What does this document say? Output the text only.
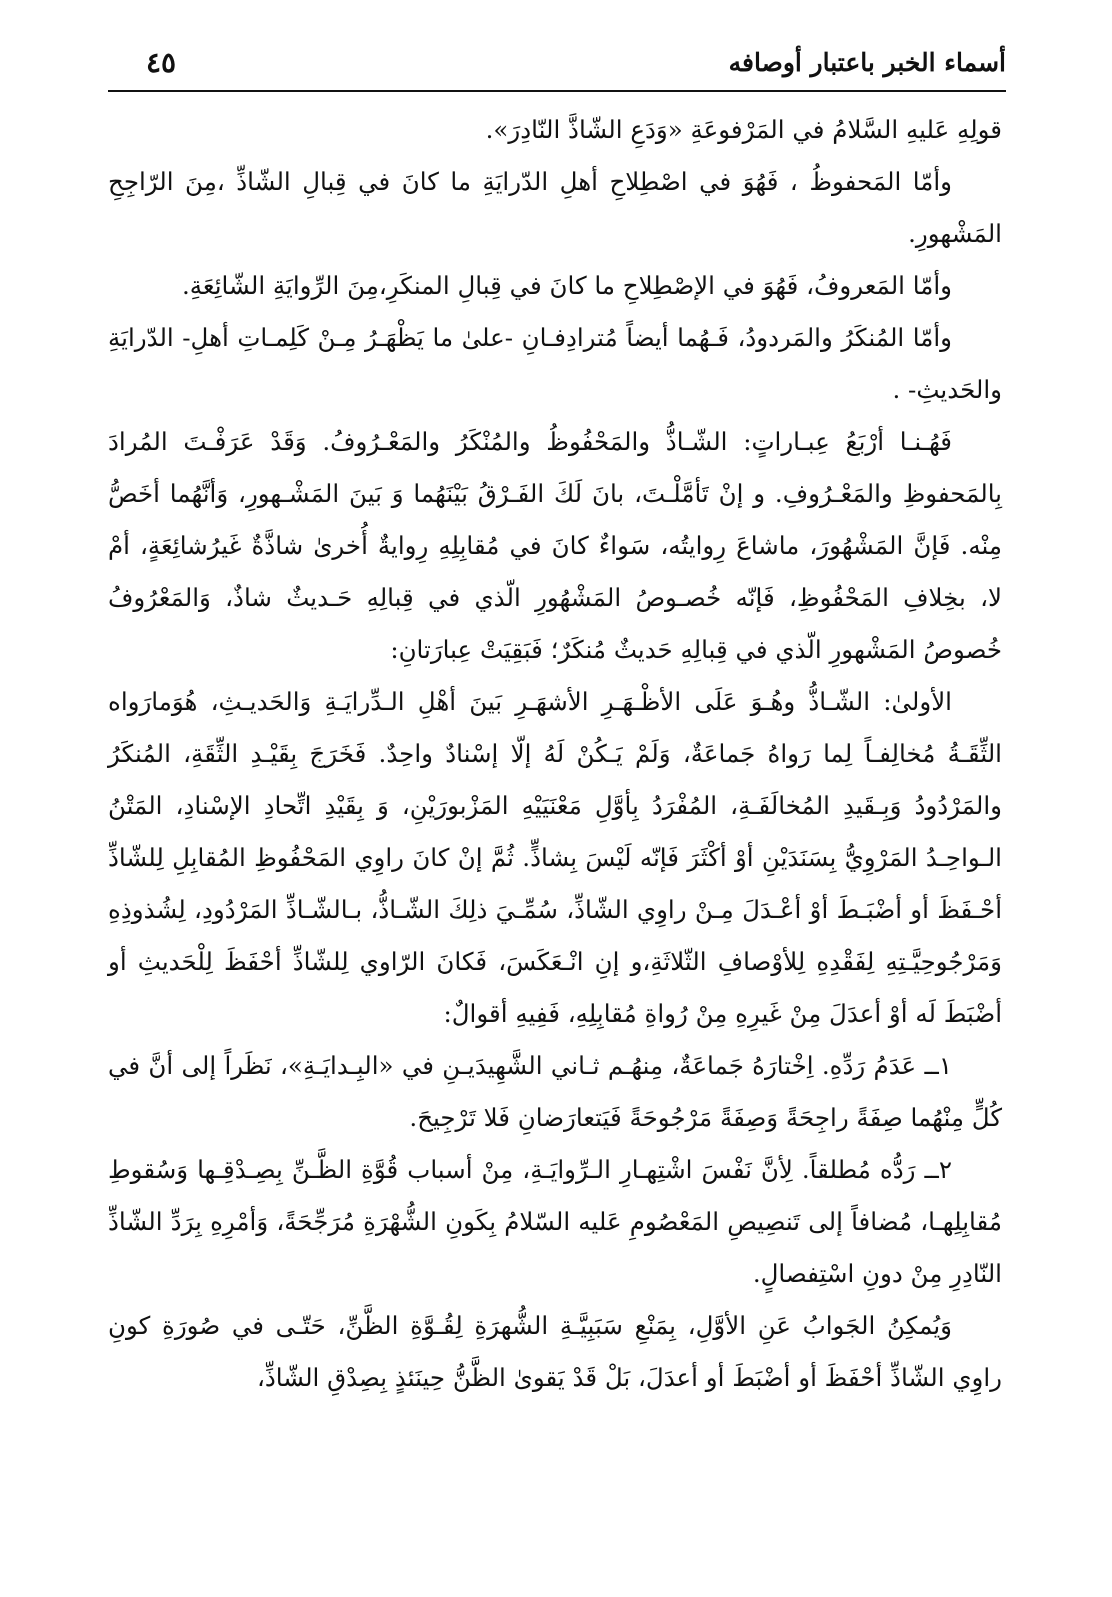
أسماء الخبر باعتبار أوصافه
٤٥

قولِهِ عَليهِ السَّلامُ في المَرْفوعَةِ «وَدَعِ الشّاذَّ النّادِرَ».

وأمّا المَحفوظُ ، فَهُوَ في اصْطِلاحِ أهلِ الدّرايَةِ ما كانَ في قِبالِ الشّاذِّ ،مِنَ الرّاجِحِ المَشْهورِ.

وأمّا المَعروفُ، فَهُوَ في الإصْطِلاحِ ما كانَ في قِبالِ المنكَرِ،مِنَ الرِّوايَةِ الشّائِعَةِ.

وأمّا المُنكَرُ والمَردودُ، فَـهُما أيضاً مُترادِفـانِ -علىٰ ما يَظْهَـرُ مِـنْ كَلِمـاتِ أهلِ- الدّرايَةِ والحَديثِ- .

فَهُـنـا أرْبَعُ عِبـاراتٍ: الشّـاذُّ والمَحْفُوظُ والمُنْكَرُ والمَعْـرُوفُ. وَقَدْ عَرَفْـتَ المُرادَ بِالمَحفوظِ والمَعْـرُوفِ. و إنْ تَأمَّلْـتَ، بانَ لَكَ الفَـرْقُ بَيْنَهُما وَ بَينَ المَشْـهورِ، وَأنَّهُما أخَصُّ مِنْه. فَإنَّ المَشْهُورَ، ماشاعَ رِوايتُه، سَواءٌ كانَ في مُقابِلِهِ رِوايةٌ أُخرىٰ شاذَّةٌ غَيرُشائِعَةٍ، أمْ لا، بخِلافِ المَحْفُوظِ، فَإنّه خُصـوصُ المَشْهُورِ الّذي في قِبالِهِ حَـديثٌ شاذٌ، وَالمَعْرُوفُ خُصوصُ المَشْهورِ الّذي في قِبالِهِ حَديثٌ مُنكَرٌ؛ فَبَقِيَتْ عِبارَتانِ:

الأولىٰ: الشّـاذُّ وهُـوَ عَلَى الأظْـهَـرِ الأشهَـرِ بَينَ أهْلِ الـدِّرايَـةِ وَالحَديـثِ، هُوَمارَواه الثِّقَـةُ مُخالِفـاً لِما رَواهُ جَماعَةٌ، وَلَمْ يَـكُنْ لَهُ إلّا إسْنادٌ واحِدٌ. فَخَرَجَ بِقَيْـدِ الثِّقَةِ، المُنكَرُ والمَرْدُودُ وَبِـقَيدِ المُخالَفَـةِ، المُفْرَدُ بِأوَّلِ مَعْنَيَيْهِ المَزْبورَيْنِ، وَ بِقَيْدِ اتِّحادِ الإسْنادِ، المَتْنُ الـواحِـدُ المَرْوِيُّ بِسَنَدَيْنِ أوْ أكْثَرَ فَإنّه لَيْسَ بِشاذٍّ. ثُمَّ إنْ كانَ راوِي المَحْفُوظِ المُقابِلِ لِلشّاذِّ أحْـفَظَ أو أضْبَـطَ أوْ أعْـدَلَ مِـنْ راوِي الشّاذِّ، سُمِّـيَ ذلِكَ الشّـاذُّ، بـالشّـاذِّ المَرْدُودِ، لِشُذوذِهِ وَمَرْجُوحِيَّـتِهِ لِفَقْدِهِ لِلأوْصافِ الثّلاثَةِ،و إنِ انْـعَكَسَ، فَكانَ الرّاوي لِلشّاذِّ أحْفَظَ لِلْحَديثِ أو أضْبَطَ لَه أوْ أعدَلَ مِنْ غَيرِهِ مِنْ رُواةِ مُقابِلِهِ، فَفِيهِ أقوالٌ:

١ــ عَدَمُ رَدِّهِ. اِخْتارَهُ جَماعَةٌ، مِنهُـم ثـاني الشَّهِيدَيـنِ في «البِـدايَـةِ»، نَظَراً إلى أنَّ في كُلٍّ مِنْهُما صِفَةً راجِحَةً وَصِفَةً مَرْجُوحَةً فَيَتعارَضانِ فَلا تَرْجِيحَ.

٢ــ رَدُّه مُطلقاً. لِأنَّ نَفْسَ اشْتِهـارِ الـرِّوايَـةِ، مِنْ أسباب قُوَّةِ الظَّـنِّ بِصِـدْقِـها وَسُقوطِ مُقابِلِهـا، مُضافاً إلى تَنصِيصِ المَعْصُومِ عَليه السّلامُ بِكَونِ الشُّهْرَةِ مُرَجِّحَةً، وَأمْرِهِ بِرَدِّ الشّاذِّ النّادِرِ مِنْ دونِ اسْتِفصالٍ.

وَيُمكِنُ الجَوابُ عَنِ الأوَّلِ، بِمَنْعِ سَبَبِيَّـةِ الشُّهرَةِ لِقُـوَّةِ الظَّنِّ، حَتّـى في صُورَةِ كونِ راوِي الشّاذِّ أحْفَظَ أو أضْبَطَ أو أعدَلَ، بَلْ قَدْ يَقوىٰ الظَّنُّ حِينَئذٍ بِصِدْقِ الشّاذِّ،
